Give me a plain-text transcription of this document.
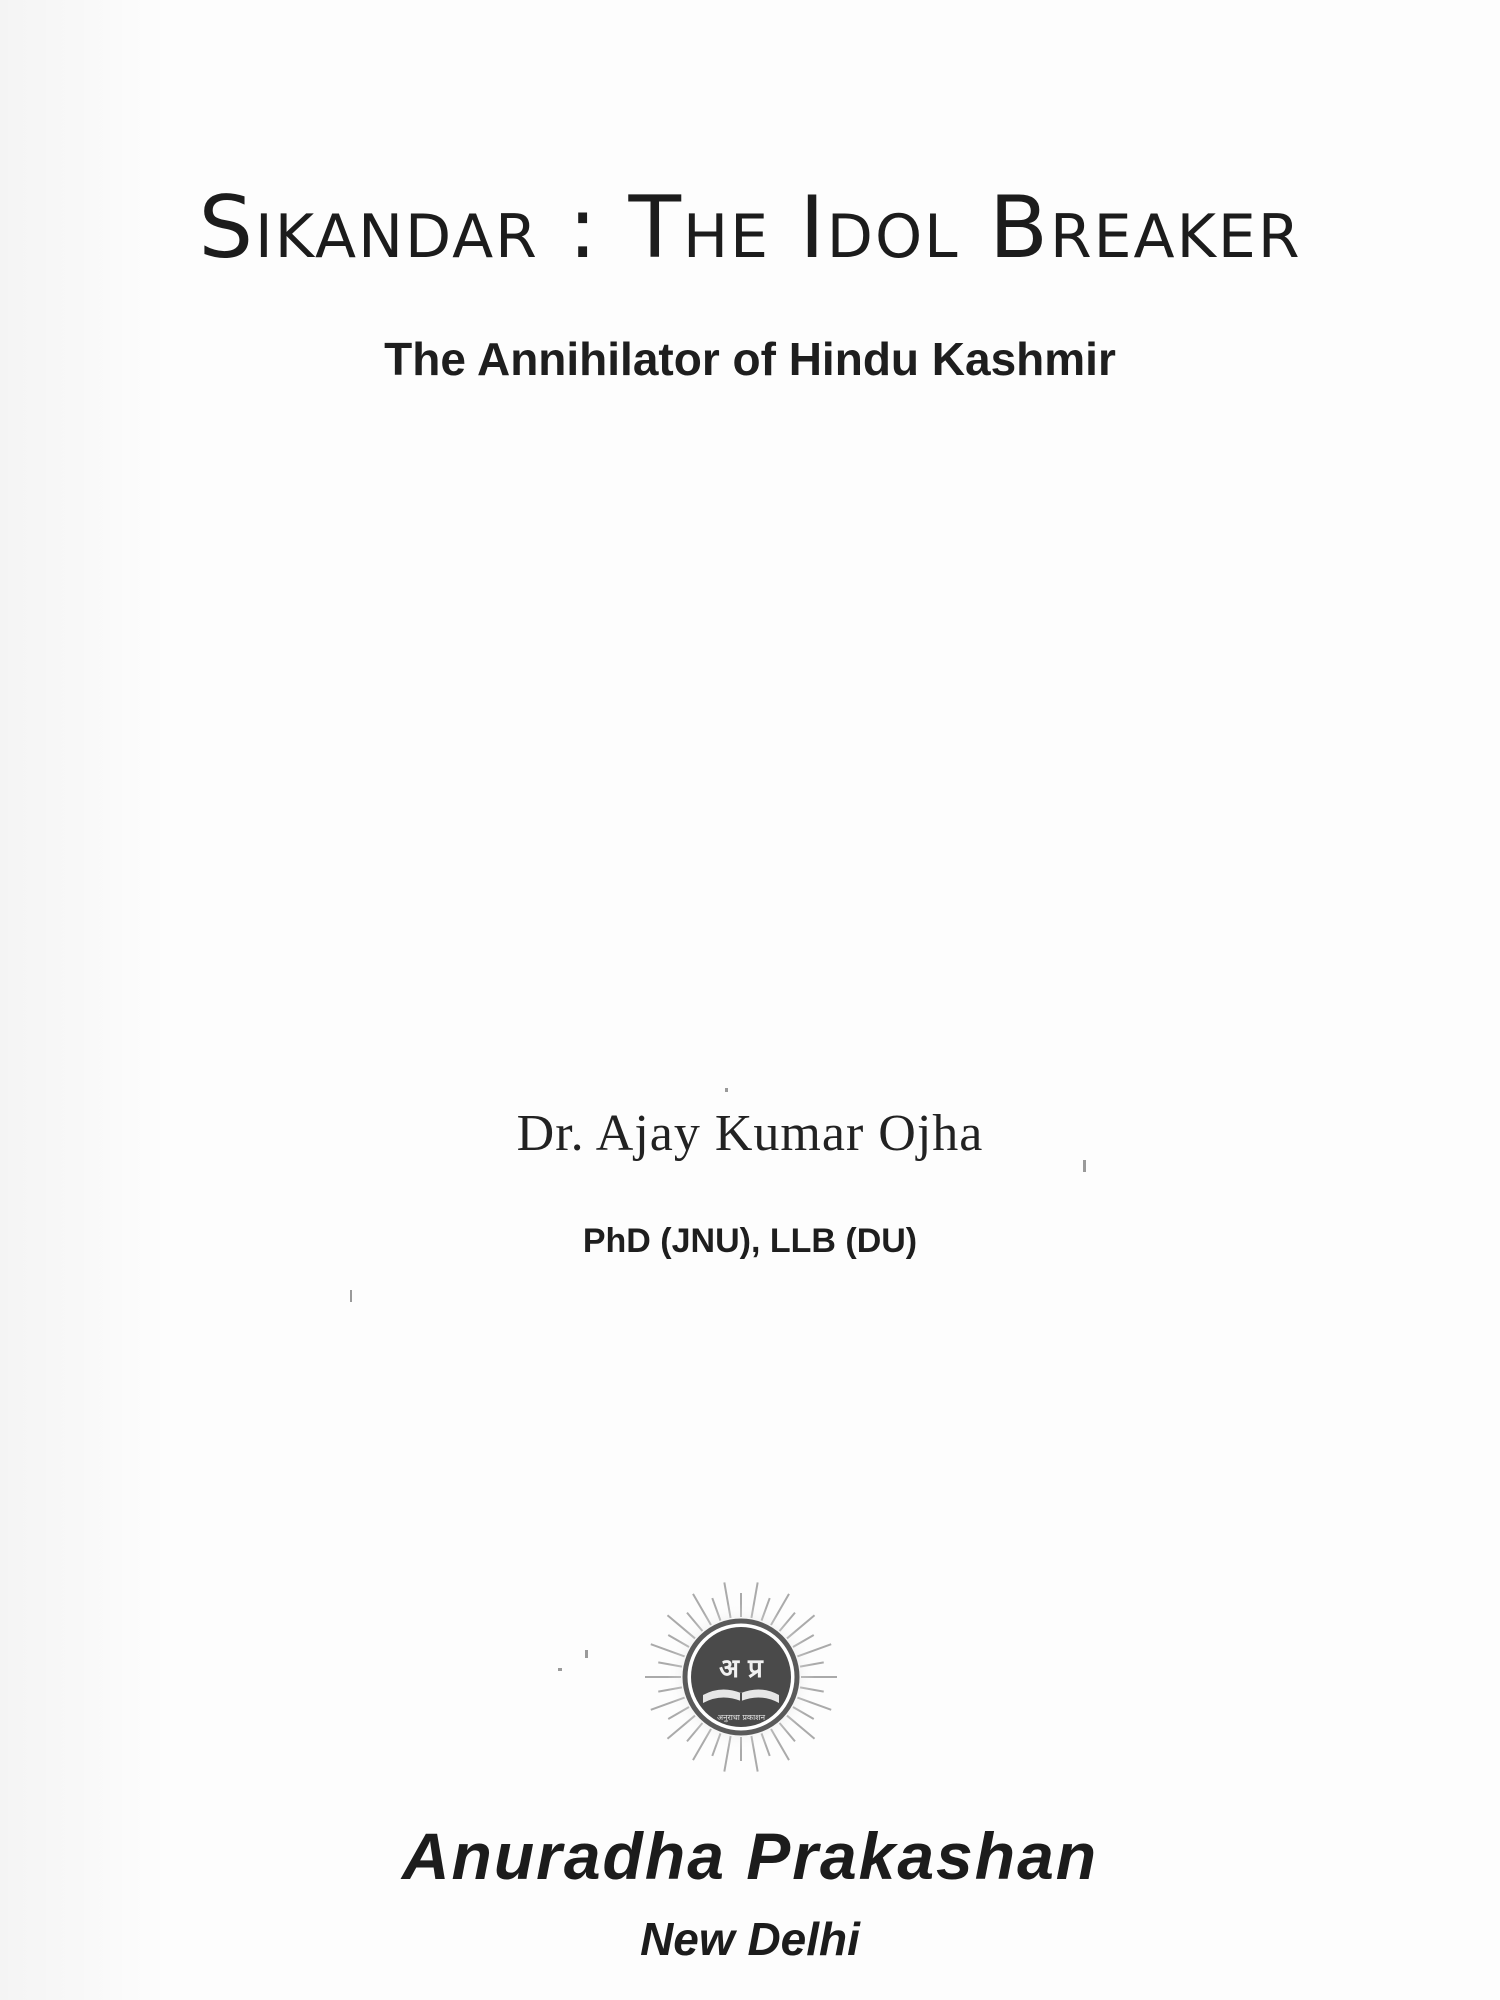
Sikandar : The Idol Breaker
The Annihilator of Hindu Kashmir

Dr. Ajay Kumar Ojha

PhD (JNU), LLB (DU)

अ प्र
अनुराधा प्रकाशन

Anuradha Prakashan

New Delhi
